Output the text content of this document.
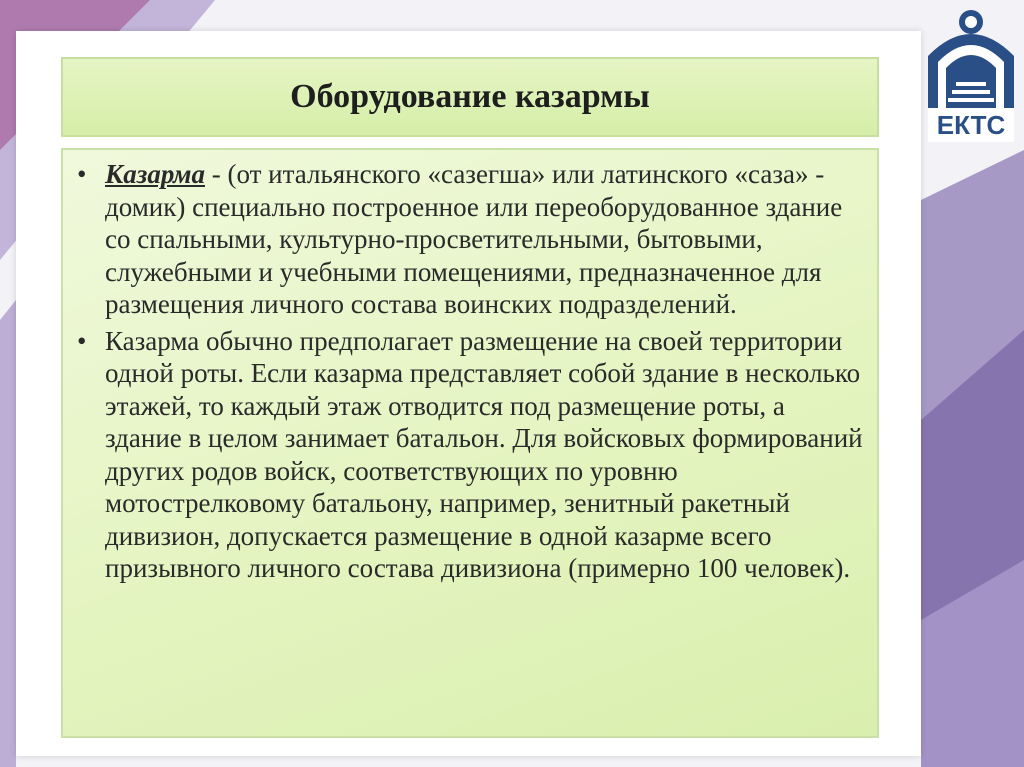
Оборудование казармы
• Казарма - (от итальянского «сазегша» или латинского «саза» - домик) специально построенное или переоборудованное здание со спальными, культурно-просветительными, бытовыми, служебными и учебными помещениями, предназначенное для размещения личного состава воинских подразделений.
• Казарма обычно предполагает размещение на своей территории одной роты. Если казарма представляет собой здание в несколько этажей, то каждый этаж отводится под размещение роты, а здание в целом занимает батальон. Для войсковых формирований других родов войск, соответствующих по уровню мотострелковому батальону, например, зенитный ракетный дивизион, допускается размещение в одной казарме всего призывного личного состава дивизиона (примерно 100 человек).
ЕКТС
